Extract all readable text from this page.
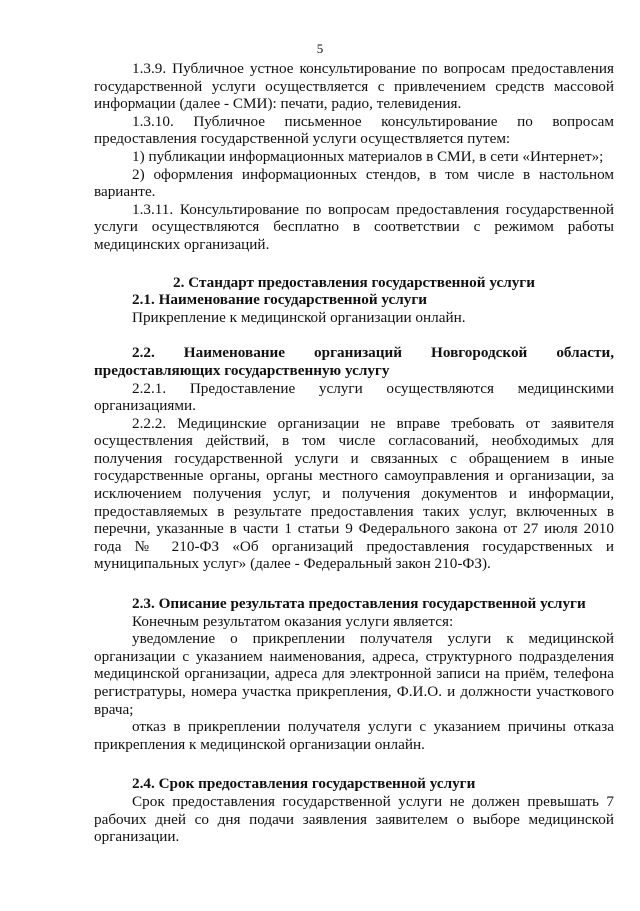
5

1.3.9. Публичное устное консультирование по вопросам предоставления государственной услуги осуществляется с привлечением средств массовой информации (далее - СМИ): печати, радио, телевидения.

1.3.10. Публичное письменное консультирование по вопросам предоставления государственной услуги осуществляется путем:

1) публикации информационных материалов в СМИ, в сети «Интернет»;

2) оформления информационных стендов, в том числе в настольном варианте.

1.3.11. Консультирование по вопросам предоставления государственной услуги осуществляются бесплатно в соответствии с режимом работы медицинских организаций.

2. Стандарт предоставления государственной услуги

2.1. Наименование государственной услуги

Прикрепление к медицинской организации онлайн.

2.2. Наименование организаций Новгородской области, предоставляющих государственную услугу

2.2.1. Предоставление услуги осуществляются медицинскими организациями.

2.2.2. Медицинские организации не вправе требовать от заявителя осуществления действий, в том числе согласований, необходимых для получения государственной услуги и связанных с обращением в иные государственные органы, органы местного самоуправления и организации, за исключением получения услуг, и получения документов и информации, предоставляемых в результате предоставления таких услуг, включенных в перечни, указанные в части 1 статьи 9 Федерального закона от 27 июля 2010 года № 210-ФЗ «Об организаций предоставления государственных и муниципальных услуг» (далее - Федеральный закон 210-ФЗ).

2.3. Описание результата предоставления государственной услуги

Конечным результатом оказания услуги является:

уведомление о прикреплении получателя услуги к медицинской организации с указанием наименования, адреса, структурного подразделения медицинской организации, адреса для электронной записи на приём, телефона регистратуры, номера участка прикрепления, Ф.И.О. и должности участкового врача;

отказ в прикреплении получателя услуги с указанием причины отказа прикрепления к медицинской организации онлайн.

2.4. Срок предоставления государственной услуги

Срок предоставления государственной услуги не должен превышать 7 рабочих дней со дня подачи заявления заявителем о выборе медицинской организации.
